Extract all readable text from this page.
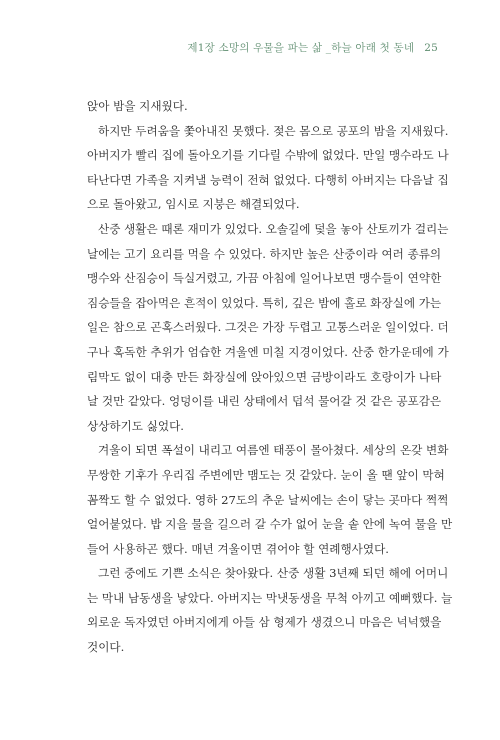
제1장 소망의 우물을 파는 삶 _하늘 아래 첫 동네 25
앉아 밤을 지새웠다.
하지만 두려움을 쫓아내진 못했다. 젖은 몸으로 공포의 밤을 지새웠다.
아버지가 빨리 집에 돌아오기를 기다릴 수밖에 없었다. 만일 맹수라도 나
타난다면 가족을 지켜낼 능력이 전혀 없었다. 다행히 아버지는 다음날 집
으로 돌아왔고, 임시로 지붕은 해결되었다.
산중 생활은 때론 재미가 있었다. 오솔길에 덫을 놓아 산토끼가 걸리는
날에는 고기 요리를 먹을 수 있었다. 하지만 높은 산중이라 여러 종류의
맹수와 산짐승이 득실거렸고, 가끔 아침에 일어나보면 맹수들이 연약한
짐승들을 잡아먹은 흔적이 있었다. 특히, 깊은 밤에 홀로 화장실에 가는
일은 참으로 곤혹스러웠다. 그것은 가장 두렵고 고통스러운 일이었다. 더
구나 혹독한 추위가 엄습한 겨울엔 미칠 지경이었다. 산중 한가운데에 가
림막도 없이 대충 만든 화장실에 앉아있으면 금방이라도 호랑이가 나타
날 것만 같았다. 엉덩이를 내린 상태에서 덥석 물어갈 것 같은 공포감은
상상하기도 싫었다.
겨울이 되면 폭설이 내리고 여름엔 태풍이 몰아쳤다. 세상의 온갖 변화
무쌍한 기후가 우리집 주변에만 맴도는 것 같았다. 눈이 올 땐 앞이 막혀
꼼짝도 할 수 없었다. 영하 27도의 추운 날씨에는 손이 닿는 곳마다 쩍쩍
얼어붙었다. 밥 지을 물을 길으러 갈 수가 없어 눈을 솥 안에 녹여 물을 만
들어 사용하곤 했다. 매년 겨울이면 겪어야 할 연례행사였다.
그런 중에도 기쁜 소식은 찾아왔다. 산중 생활 3년째 되던 해에 어머니
는 막내 남동생을 낳았다. 아버지는 막냇동생을 무척 아끼고 예뻐했다. 늘
외로운 독자였던 아버지에게 아들 삼 형제가 생겼으니 마음은 넉넉했을
것이다.
